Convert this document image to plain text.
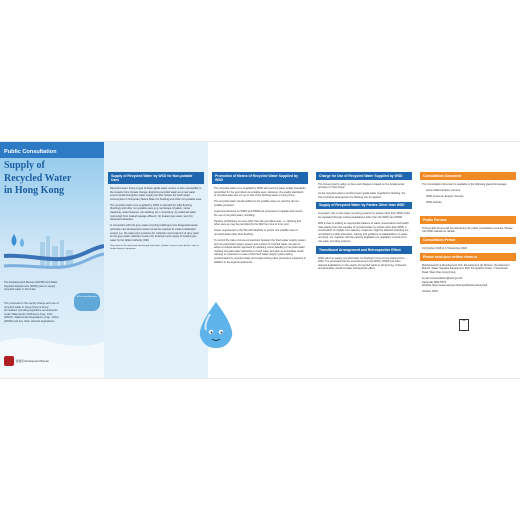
Public Consultation
Supply of
Recycled Water
in Hong Kong
The Development Bureau (DEVB) and Water Supplies Department (WSD) plan to supply recycled water in full scale.
The proposal on the supply charge and use of recycled water in Hong Kong is being formulated, including legislative amendments under Waterworks Ordinance (Cap. 102) (WWO), Waterworks Regulations (Cap. 102A) (WWR) and any other relevant legislations.
All on recycled water
發展局 Development Bureau
Supply of Recycled Water by WSD for Non-potable Uses

Recycled water, being a type of lower-grade water source, is less susceptible to the impacts from climate change. Exploring recycled water as a new water source would strengthen water supply but also reduce the fresh water consumption in Temporary Mains Water for flushing and other non-potable uses.

The recycled water to be supplied by WSD is intended for toilet flushing (flushing) and other non-potable uses (e.g. landscape irrigation, street cleansing, water features, car washing etc.) comprising: (i) reclaimed water (converted from treated sewage effluent); (ii) treated grey water; and (iii) harvested rainwater.

In connection with the grey water recycling buildings to the designated areas (primarily new development areas) would be required to install a dedicated system (i.e. the water pipe systems) for collection and treatment of grey water so the grey water collection system for treatment and supply of treated grey water by the Water Authority (WA).

Grey water is the used water discharged from baths, showers, basins, wash basins, sinks or similar fixtures in premises.

Promotion of Means of Recycled Water Supplied by WSD

The recycled water to be supplied by WSD will meet the water quality standards prescribed for the permitted non-potable uses. However, the quality standards of recycled water are not up to that of the drinking water in Hong Kong.

The recycled water should neither be for potable uses nor used for all non-potable purposes.

Legal amendments on WWO and WWR are proposed to regulate and control the use of recycled water, including:

Pipeline prohibitions on uses other than the permitted uses, i.e. flushing and other uses as may be permitted by the WA from time to time; and

Power empowered to the WA with flexibility to permit non-potable uses of recycled water other than flushing.

To control the risks of cross-connections between the fresh water supply system and recycled water supply system and misuse of recycled water, we plan to adopt a multiple-barrier approach by adopting colour-labelling of recycled water marking recycled water distinctive to fresh water and give an immediate visual warning to customers in case of the fresh water supply system being contaminated by recycled water and implementing other preventive measures in addition to the legal amendments.

Charge for Use of Recycled Water Supplied by WSD

The Government's policy on fees and charges is based on the fundamental principle of "User Pays".

As the recycled water is another lower-grade water supplied for flushing, the free-of-charge arrangement for flushing can be applied.

Supply of Recycled Water by Parties Other than WSD

At present, the on-site water recycling systems by parties other than WSD could be regulated through existing legislations other than the WWO and WWR.

With a view to striking an appropriate balance of water conservation and health risks arising from the supplies of recycled water by parties other than WSD, a combination of multiple non-statutory measures might be effected including but not limited to public education, training and guidance to stakeholders on water recycling, etc. together with the existing legislation on regulatory control of on-site water recycling systems.

Transitional Arrangement and Retrospective Effect

WSD plans to supply recycled water for flushing in Hong Kong starting from 2022. It is proposed that the amendments to the WWO, WWR and other relevant legislations on the supply of recycled water in Hong Kong, if relevant and amended, would not take retrospective effect.

Consultation Document

The Consultation document is available in the following places/homepage:

Home Affairs Enquiry Centres

WSD Customer Enquiry Centres

WSD website

Public Forums

Three public forums will be held during the public consultation exercise. Please visit WSD website for details.

Consultation Period

19 October 2018 to 17 December 2018

Please send your written views to

Mail Research & Development Unit, Development (2) Division, Development Branch, Water Supplies Department, 46/F Immigration Tower, 7 Gloucester Road, Wan Chai, Hong Kong

E-mail rwconsultation@wsd.gov.hk

Facsimile 2802 5379

Website https://www.wsd.gov.hk/en/publications/recycled

October 2018

FSC
